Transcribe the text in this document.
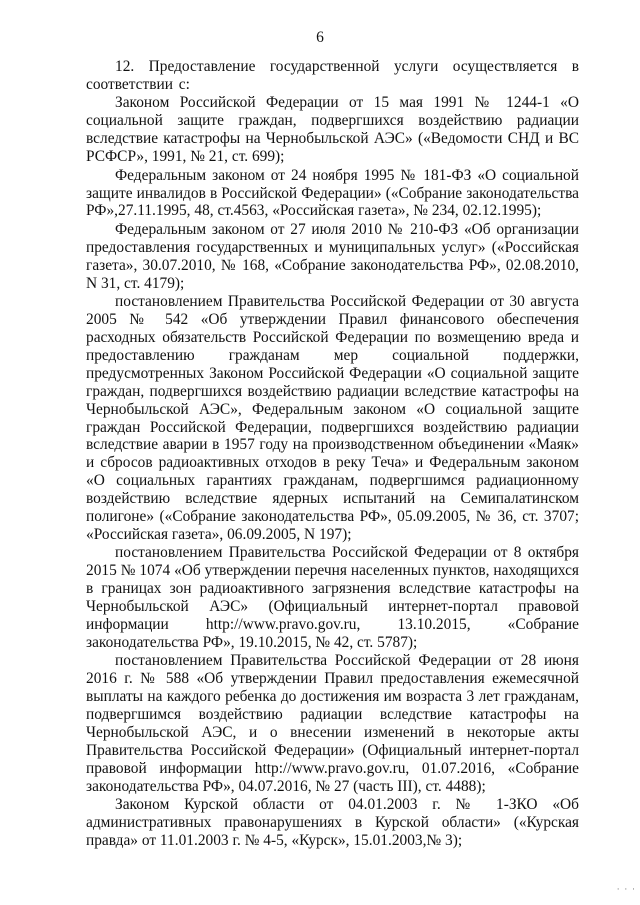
6

12. Предоставление государственной услуги осуществляется в соответствии с:

Законом Российской Федерации от 15 мая 1991 № 1244-1 «О социальной защите граждан, подвергшихся воздействию радиации вследствие катастрофы на Чернобыльской АЭС» («Ведомости СНД и ВС РСФСР», 1991, № 21, ст. 699);

Федеральным законом от 24 ноября 1995 № 181-ФЗ «О социальной защите инвалидов в Российской Федерации» («Собрание законодательства РФ»,27.11.1995, 48, ст.4563, «Российская газета», № 234, 02.12.1995);

Федеральным законом от 27 июля 2010 № 210-ФЗ «Об организации предоставления государственных и муниципальных услуг» («Российская газета», 30.07.2010, № 168, «Собрание законодательства РФ», 02.08.2010, N 31, ст. 4179);

постановлением Правительства Российской Федерации от 30 августа 2005 № 542 «Об утверждении Правил финансового обеспечения расходных обязательств Российской Федерации по возмещению вреда и предоставлению гражданам мер социальной поддержки, предусмотренных Законом Российской Федерации «О социальной защите граждан, подвергшихся воздействию радиации вследствие катастрофы на Чернобыльской АЭС», Федеральным законом «О социальной защите граждан Российской Федерации, подвергшихся воздействию радиации вследствие аварии в 1957 году на производственном объединении «Маяк» и сбросов радиоактивных отходов в реку Теча» и Федеральным законом «О социальных гарантиях гражданам, подвергшимся радиационному воздействию вследствие ядерных испытаний на Семипалатинском полигоне» («Собрание законодательства РФ», 05.09.2005, № 36, ст. 3707; «Российская газета», 06.09.2005, N 197);

постановлением Правительства Российской Федерации от 8 октября 2015 № 1074 «Об утверждении перечня населенных пунктов, находящихся в границах зон радиоактивного загрязнения вследствие катастрофы на Чернобыльской АЭС» (Официальный интернет-портал правовой информации http://www.pravo.gov.ru, 13.10.2015, «Собрание законодательства РФ», 19.10.2015, № 42, ст. 5787);

постановлением Правительства Российской Федерации от 28 июня 2016 г. № 588 «Об утверждении Правил предоставления ежемесячной выплаты на каждого ребенка до достижения им возраста 3 лет гражданам, подвергшимся воздействию радиации вследствие катастрофы на Чернобыльской АЭС, и о внесении изменений в некоторые акты Правительства Российской Федерации» (Официальный интернет-портал правовой информации http://www.pravo.gov.ru, 01.07.2016, «Собрание законодательства РФ», 04.07.2016, № 27 (часть III), ст. 4488);

Законом Курской области от 04.01.2003 г. № 1-ЗКО «Об административных правонарушениях в Курской области» («Курская правда» от 11.01.2003 г. № 4-5, «Курск», 15.01.2003,№ 3);

· · ·
